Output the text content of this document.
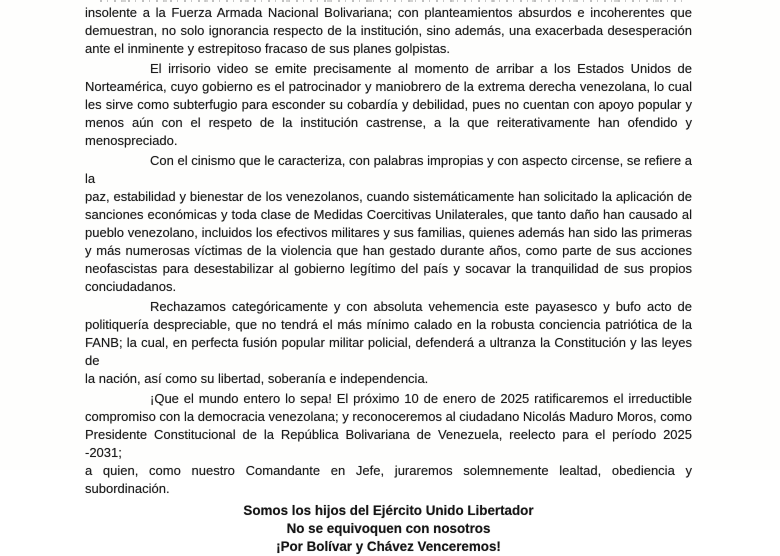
insolente a la Fuerza Armada Nacional Bolivariana; con planteamientos absurdos e incoherentes que
demuestran, no solo ignorancia respecto de la institución, sino además, una exacerbada desesperación
ante el inminente y estrepitoso fracaso de sus planes golpistas.
El irrisorio video se emite precisamente al momento de arribar a los Estados Unidos de
Norteamérica, cuyo gobierno es el patrocinador y maniobrero de la extrema derecha venezolana, lo cual
les sirve como subterfugio para esconder su cobardía y debilidad, pues no cuentan con apoyo popular y
menos aún con el respeto de la institución castrense, a la que reiterativamente han ofendido y
menospreciado.
Con el cinismo que le caracteriza, con palabras impropias y con aspecto circense, se refiere a la
paz, estabilidad y bienestar de los venezolanos, cuando sistemáticamente han solicitado la aplicación de
sanciones económicas y toda clase de Medidas Coercitivas Unilaterales, que tanto daño han causado al
pueblo venezolano, incluidos los efectivos militares y sus familias, quienes además han sido las primeras
y más numerosas víctimas de la violencia que han gestado durante años, como parte de sus acciones
neofascistas para desestabilizar al gobierno legítimo del país y socavar la tranquilidad de sus propios
conciudadanos.
Rechazamos categóricamente y con absoluta vehemencia este payasesco y bufo acto de
politiquería despreciable, que no tendrá el más mínimo calado en la robusta conciencia patriótica de la
FANB; la cual, en perfecta fusión popular militar policial, defenderá a ultranza la Constitución y las leyes de
la nación, así como su libertad, soberanía e independencia.
¡Que el mundo entero lo sepa! El próximo 10 de enero de 2025 ratificaremos el irreductible
compromiso con la democracia venezolana; y reconoceremos al ciudadano Nicolás Maduro Moros, como
Presidente Constitucional de la República Bolivariana de Venezuela, reelecto para el período 2025 -2031;
a quien, como nuestro Comandante en Jefe, juraremos solemnemente lealtad, obediencia y subordinación.
Somos los hijos del Ejército Unido Libertador
No se equivoquen con nosotros
¡Por Bolívar y Chávez Venceremos!
